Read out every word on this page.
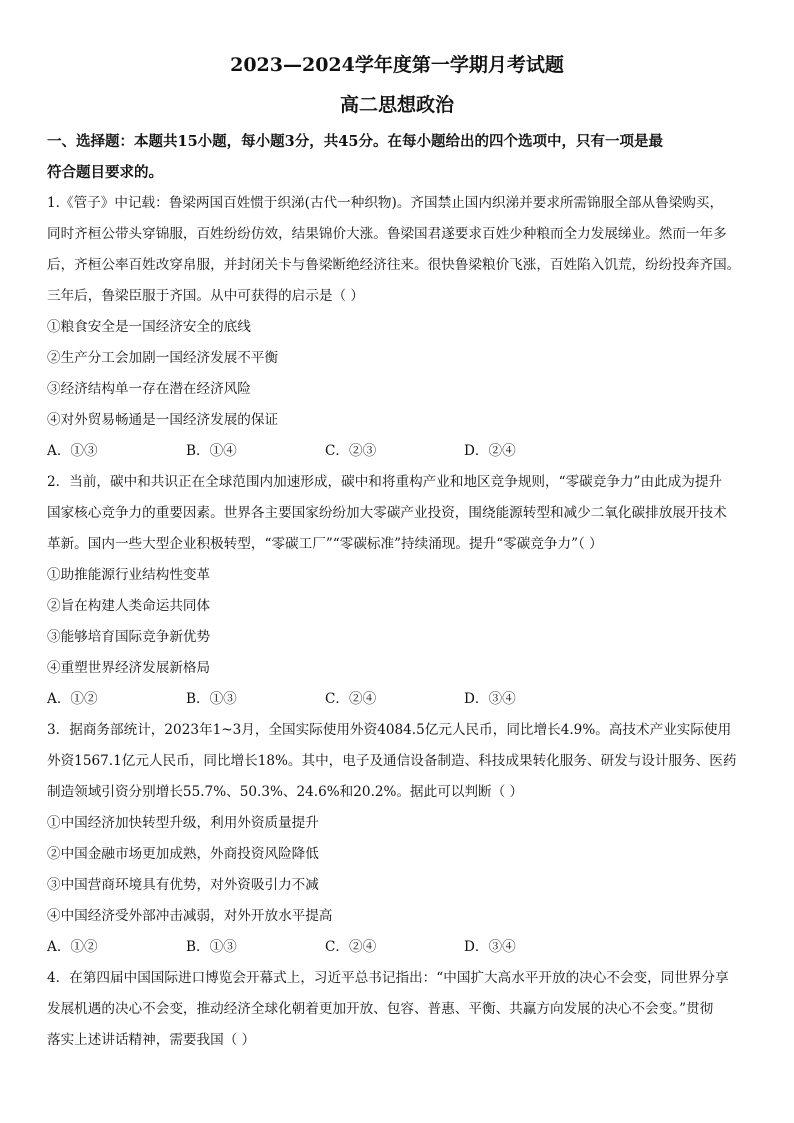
2023—2024学年度第一学期月考试题
高二思想政治

一、选择题：本题共15小题，每小题3分，共45分。在每小题给出的四个选项中，只有一项是最

符合题目要求的。

1.《管子》中记载：鲁梁两国百姓惯于织涕(古代一种织物)。齐国禁止国内织涕并要求所需锦服全部从鲁梁购买，

同时齐桓公带头穿锦服，百姓纷纷仿效，结果锦价大涨。鲁梁国君遂要求百姓少种粮而全力发展绨业。然而一年多

后，齐桓公率百姓改穿帛服，并封闭关卡与鲁梁断绝经济往来。很快鲁梁粮价飞涨，百姓陷入饥荒，纷纷投奔齐国。

三年后，鲁梁臣服于齐国。从中可获得的启示是（ ）

①粮食安全是一国经济安全的底线

②生产分工会加剧一国经济发展不平衡

③经济结构单一存在潜在经济风险

④对外贸易畅通是一国经济发展的保证

A．①③	B．①④	C．②③	D．②④

2．当前，碳中和共识正在全球范围内加速形成，碳中和将重构产业和地区竞争规则，“零碳竞争力”由此成为提升

国家核心竞争力的重要因素。世界各主要国家纷纷加大零碳产业投资，围绕能源转型和减少二氧化碳排放展开技术

革新。国内一些大型企业积极转型，“零碳工厂”“零碳标准”持续涌现。提升“零碳竞争力”（ ）

①助推能源行业结构性变革

②旨在构建人类命运共同体

③能够培育国际竞争新优势

④重塑世界经济发展新格局

A．①②	B．①③	C．②④	D．③④

3．据商务部统计，2023年1~3月，全国实际使用外资4084.5亿元人民币，同比增长4.9%。高技术产业实际使用

外资1567.1亿元人民币，同比增长18%。其中，电子及通信设备制造、科技成果转化服务、研发与设计服务、医药

制造领域引资分别增长55.7%、50.3%、24.6%和20.2%。据此可以判断（ ）

①中国经济加快转型升级，利用外资质量提升

②中国金融市场更加成熟，外商投资风险降低

③中国营商环境具有优势，对外资吸引力不减

④中国经济受外部冲击减弱，对外开放水平提高

A．①②	B．①③	C．②④	D．③④

4．在第四届中国国际进口博览会开幕式上，习近平总书记指出：“中国扩大高水平开放的决心不会变，同世界分享

发展机遇的决心不会变，推动经济全球化朝着更加开放、包容、普惠、平衡、共赢方向发展的决心不会变。”贯彻

落实上述讲话精神，需要我国（ ）
